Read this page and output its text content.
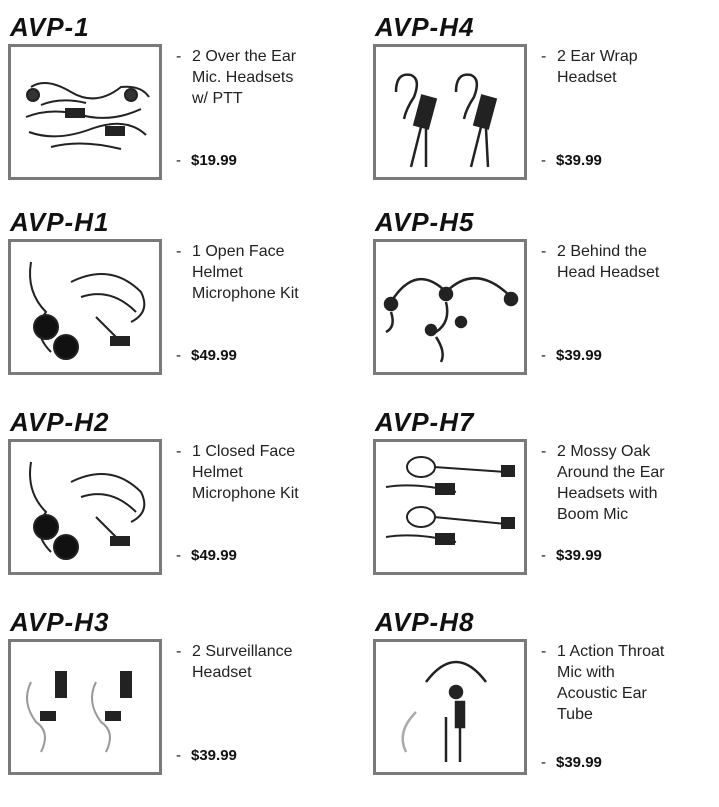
AVP-1
- 2 Over the Ear
Mic. Headsets
w/ PTT
- $19.99
AVP-H4
- 2 Ear Wrap
Headset
- $39.99
AVP-H1
- 1 Open Face
Helmet
Microphone Kit
- $49.99
AVP-H5
- 2 Behind the
Head Headset
- $39.99
AVP-H2
- 1 Closed Face
Helmet
Microphone Kit
- $49.99
AVP-H7
- 2 Mossy Oak
Around the Ear
Headsets with
Boom Mic
- $39.99
AVP-H3
- 2 Surveillance
Headset
- $39.99
AVP-H8
- 1 Action Throat
Mic with
Acoustic Ear
Tube
- $39.99
